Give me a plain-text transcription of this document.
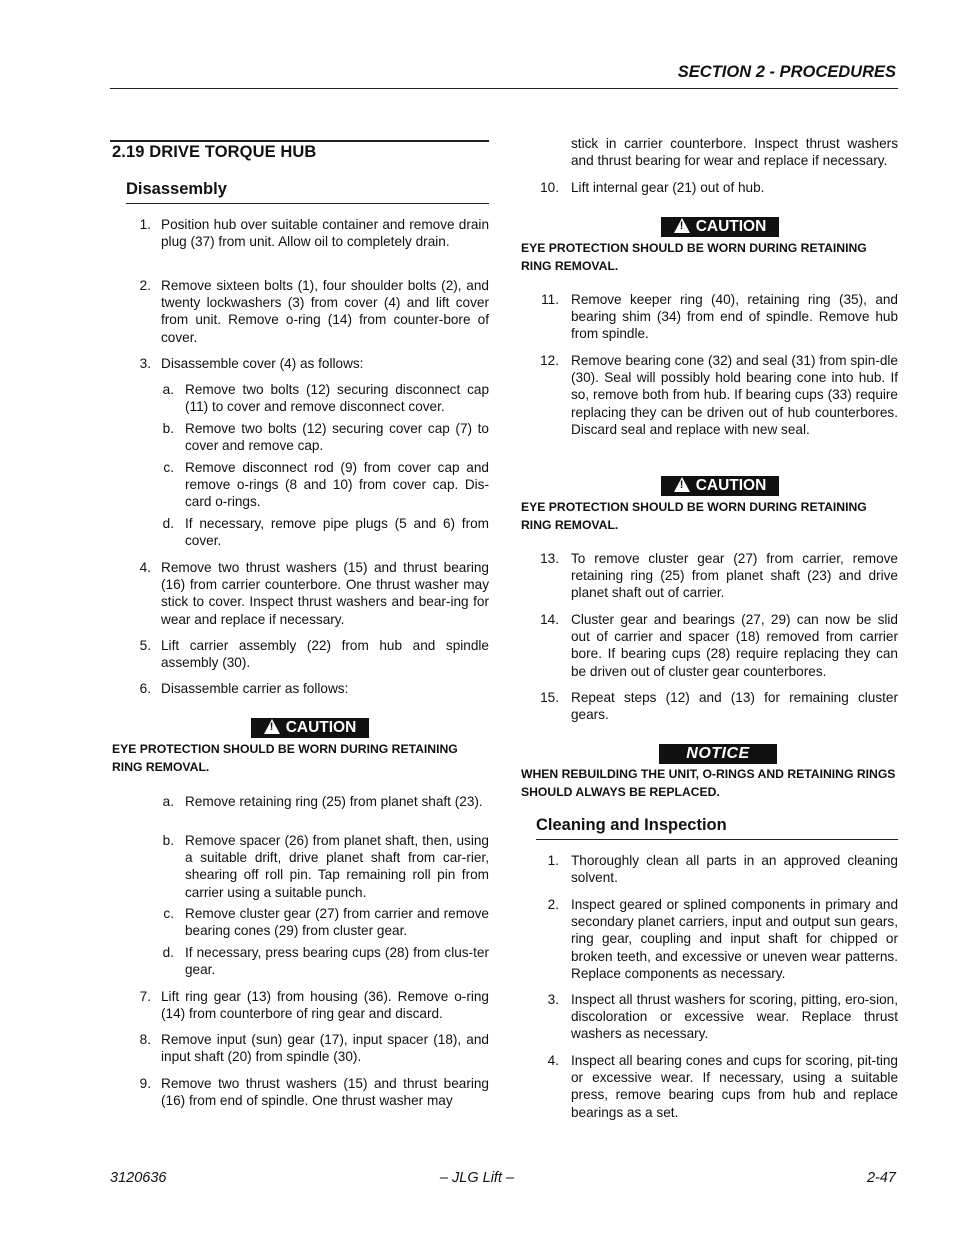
SECTION 2 - PROCEDURES
2.19 DRIVE TORQUE HUB
Disassembly
1. Position hub over suitable container and remove drain plug (37) from unit. Allow oil to completely drain.
2. Remove sixteen bolts (1), four shoulder bolts (2), and twenty lockwashers (3) from cover (4) and lift cover from unit. Remove o-ring (14) from counter-bore of cover.
3. Disassemble cover (4) as follows:
a. Remove two bolts (12) securing disconnect cap (11) to cover and remove disconnect cover.
b. Remove two bolts (12) securing cover cap (7) to cover and remove cap.
c. Remove disconnect rod (9) from cover cap and remove o-rings (8 and 10) from cover cap. Dis-card o-rings.
d. If necessary, remove pipe plugs (5 and 6) from cover.
4. Remove two thrust washers (15) and thrust bearing (16) from carrier counterbore. One thrust washer may stick to cover. Inspect thrust washers and bear-ing for wear and replace if necessary.
5. Lift carrier assembly (22) from hub and spindle assembly (30).
6. Disassemble carrier as follows:
! CAUTION
EYE PROTECTION SHOULD BE WORN DURING RETAINING RING REMOVAL.
a. Remove retaining ring (25) from planet shaft (23).
b. Remove spacer (26) from planet shaft, then, using a suitable drift, drive planet shaft from car-rier, shearing off roll pin. Tap remaining roll pin from carrier using a suitable punch.
c. Remove cluster gear (27) from carrier and remove bearing cones (29) from cluster gear.
d. If necessary, press bearing cups (28) from clus-ter gear.
7. Lift ring gear (13) from housing (36). Remove o-ring (14) from counterbore of ring gear and discard.
8. Remove input (sun) gear (17), input spacer (18), and input shaft (20) from spindle (30).
9. Remove two thrust washers (15) and thrust bearing (16) from end of spindle. One thrust washer may
stick in carrier counterbore. Inspect thrust washers and thrust bearing for wear and replace if necessary.
10. Lift internal gear (21) out of hub.
! CAUTION
EYE PROTECTION SHOULD BE WORN DURING RETAINING RING REMOVAL.
11. Remove keeper ring (40), retaining ring (35), and bearing shim (34) from end of spindle. Remove hub from spindle.
12. Remove bearing cone (32) and seal (31) from spin-dle (30). Seal will possibly hold bearing cone into hub. If so, remove both from hub. If bearing cups (33) require replacing they can be driven out of hub counterbores. Discard seal and replace with new seal.
! CAUTION
EYE PROTECTION SHOULD BE WORN DURING RETAINING RING REMOVAL.
13. To remove cluster gear (27) from carrier, remove retaining ring (25) from planet shaft (23) and drive planet shaft out of carrier.
14. Cluster gear and bearings (27, 29) can now be slid out of carrier and spacer (18) removed from carrier bore. If bearing cups (28) require replacing they can be driven out of cluster gear counterbores.
15. Repeat steps (12) and (13) for remaining cluster gears.
NOTICE
WHEN REBUILDING THE UNIT, O-RINGS AND RETAINING RINGS SHOULD ALWAYS BE REPLACED.
Cleaning and Inspection
1. Thoroughly clean all parts in an approved cleaning solvent.
2. Inspect geared or splined components in primary and secondary planet carriers, input and output sun gears, ring gear, coupling and input shaft for chipped or broken teeth, and excessive or uneven wear patterns. Replace components as necessary.
3. Inspect all thrust washers for scoring, pitting, ero-sion, discoloration or excessive wear. Replace thrust washers as necessary.
4. Inspect all bearing cones and cups for scoring, pit-ting or excessive wear. If necessary, using a suitable press, remove bearing cups from hub and replace bearings as a set.
3120636	– JLG Lift –	2-47
